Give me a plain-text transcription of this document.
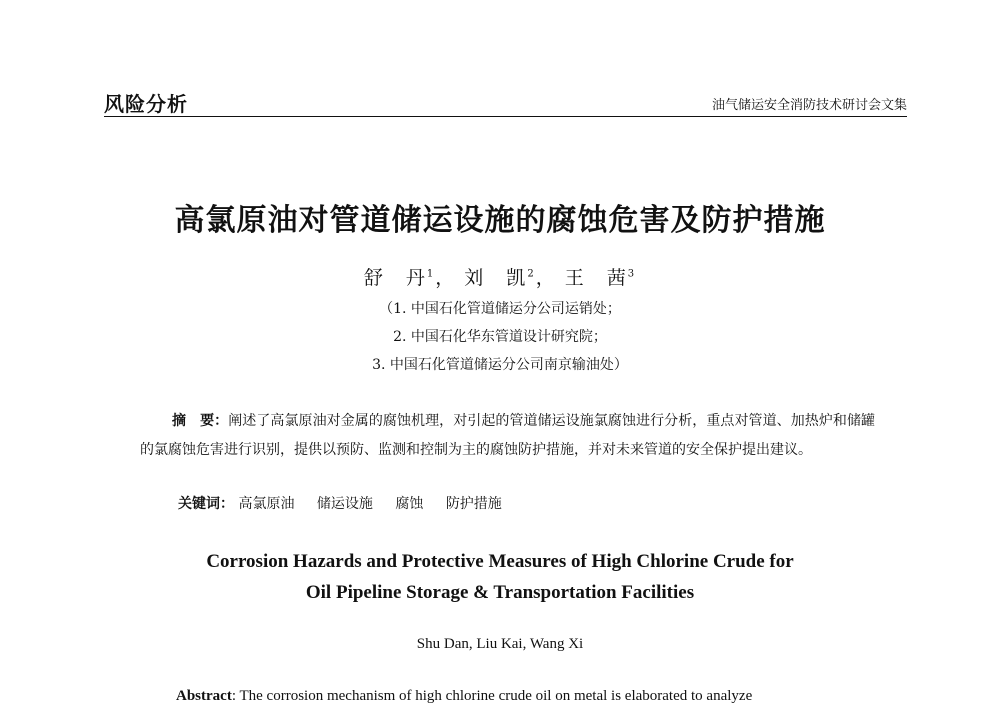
风险分析	油气储运安全消防技术研讨会文集
高氯原油对管道储运设施的腐蚀危害及防护措施
舒　丹$^1$， 刘　凯$^2$， 王　茜$^3$
（1. 中国石化管道储运分公司运销处；
2. 中国石化华东管道设计研究院；
3. 中国石化管道储运分公司南京输油处）
摘　要：阐述了高氯原油对金属的腐蚀机理，对引起的管道储运设施氯腐蚀进行分析，重点对管道、加热炉和储罐的氯腐蚀危害进行识别，提供以预防、监测和控制为主的腐蚀防护措施，并对未来管道的安全保护提出建议。
关键词： 高氯原油 储运设施 腐蚀 防护措施
Corrosion Hazards and Protective Measures of High Chlorine Crude for
Oil Pipeline Storage & Transportation Facilities
Shu Dan, Liu Kai, Wang Xi
Abstract: The corrosion mechanism of high chlorine crude oil on metal is elaborated to analyze
